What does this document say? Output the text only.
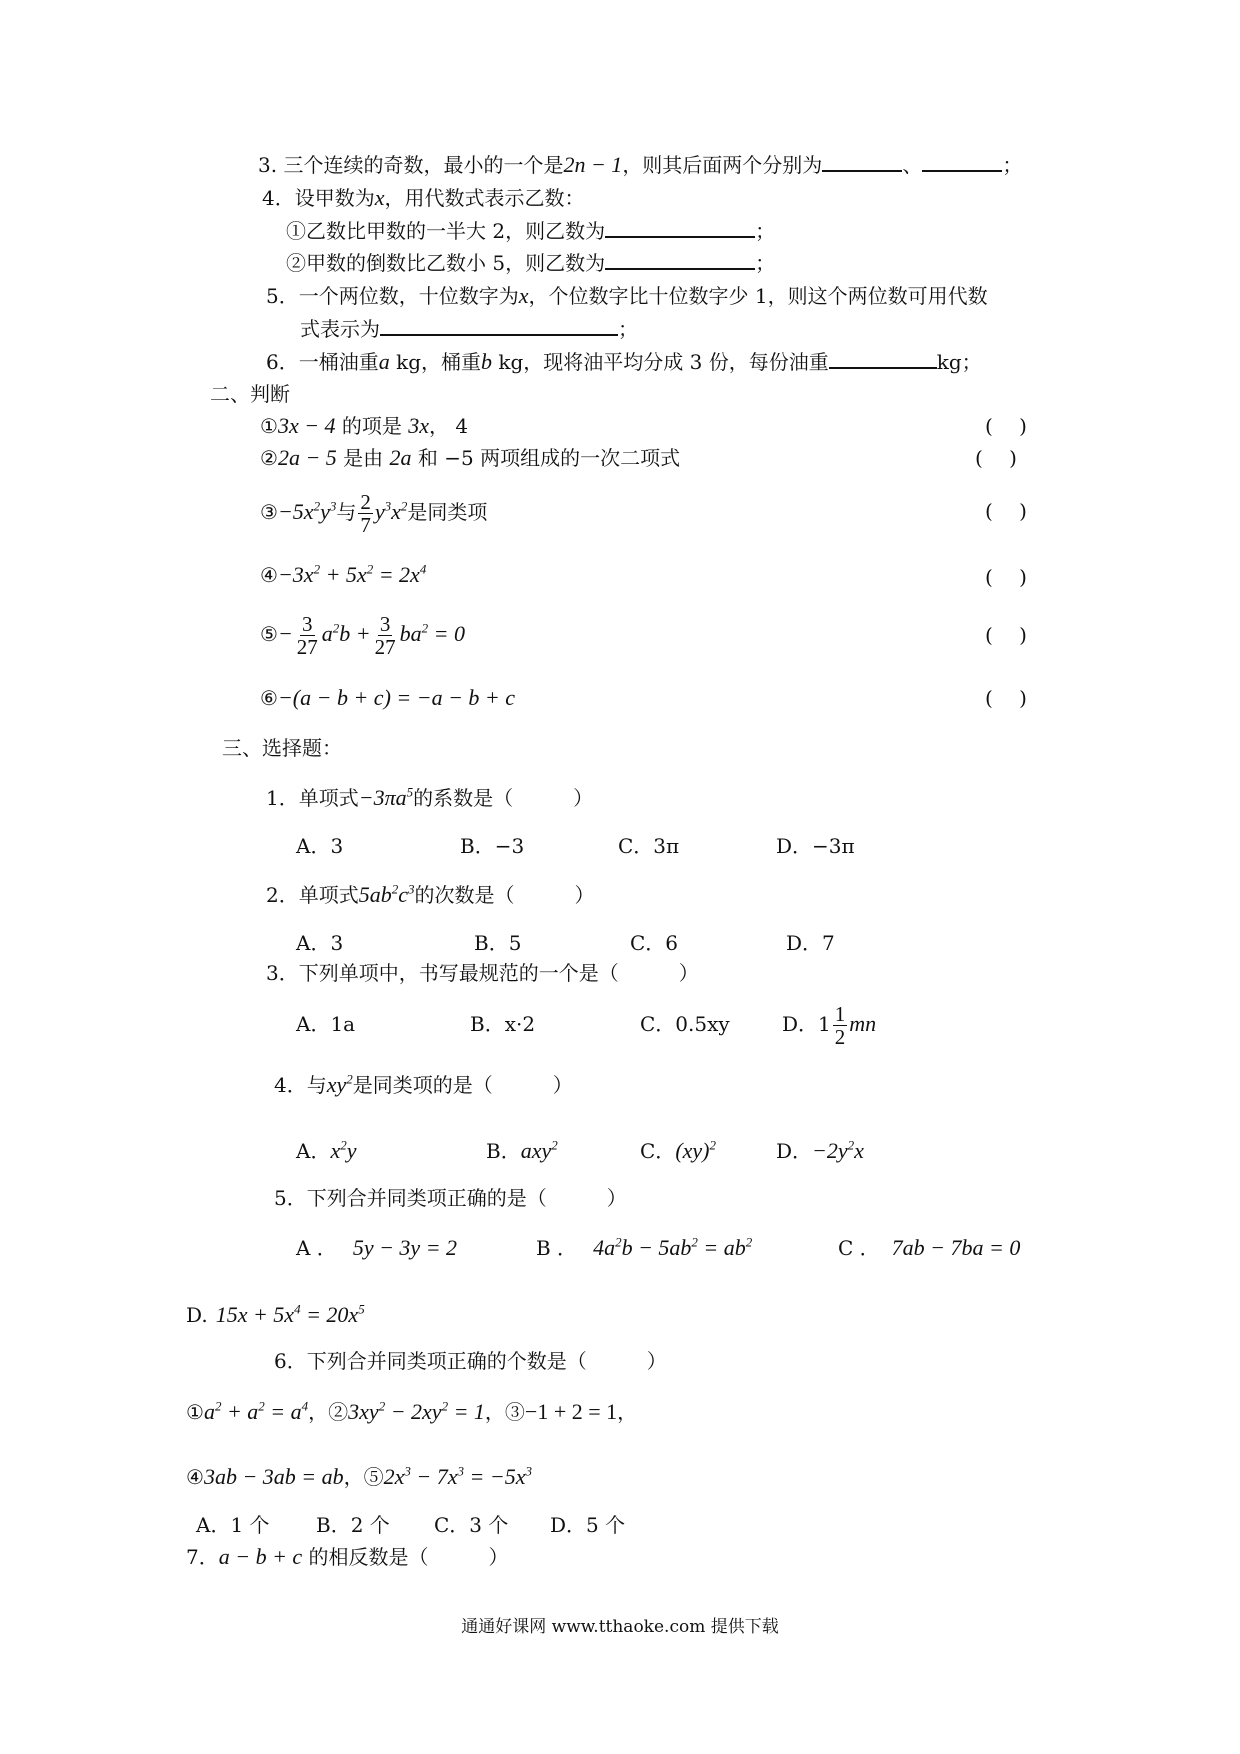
3. 三个连续的奇数，最小的一个是2n − 1，则其后面两个分别为	、	；
4．设甲数为x，用代数式表示乙数：
①乙数比甲数的一半大 2，则乙数为	；
②甲数的倒数比乙数小 5，则乙数为	；
5．一个两位数，十位数字为x，个位数字比十位数字少 1，则这个两位数可用代数
式表示为	；
6．一桶油重a kg，桶重b kg，现将油平均分成 3 份，每份油重	kg；
二、判断
①3x − 4 的项是 3x， 4	(　 )
②2a − 5 是由 2a 和 −5 两项组成的一次二项式	(　 )
$③-5x^2y^3$与 $\frac{2}{7} y^3x^2$是同类项	(　 )
$④-3x^2 + 5x^2 = 2x^4$	(　 )
⑤− $\frac{3}{27} a^2b + \frac{3}{27} ba^2 = 0$	(　 )
⑥−(a − b + c) = −a − b + c	(　 )
三、选择题：
1．单项式$-3\pi a^5$的系数是（　　　）
A．3	B．−3	C．3π	D．−3π
2．单项式$5ab^2c^3$的次数是（　　　）
A．3	B．5	C．6	D．7
3．下列单项中，书写最规范的一个是（　　　）
A．1a	B．x·2	C．0.5xy	D．$1 \frac{1}{2}$ mn
4．与$xy^2$是同类项的是（　　　）
A．$x^2y$	B．axy$^2$	C．(xy)$^2$	D．$-2y^2x$
5．下列合并同类项正确的是（　　　）
A ． 5y − 3y = 2	B ． $4a^2b - 5ab^2 = ab^2$	C ． 7ab − 7ba = 0
D. $15x + 5x^4 = 20x^5$
6．下列合并同类项正确的个数是（　　　）
$①a^2 + a^2 = a^4$，$②3xy^2 - 2xy^2 = 1$，③−1 + 2 = 1，
④3ab − 3ab = ab，$⑤2x^3 - 7x^3 = -5x^3$
A．1 个 B．2 个 C．3 个 D．5 个
7．a − b + c 的相反数是（　　　）
通通好课网 www.tthaoke.com 提供下载
